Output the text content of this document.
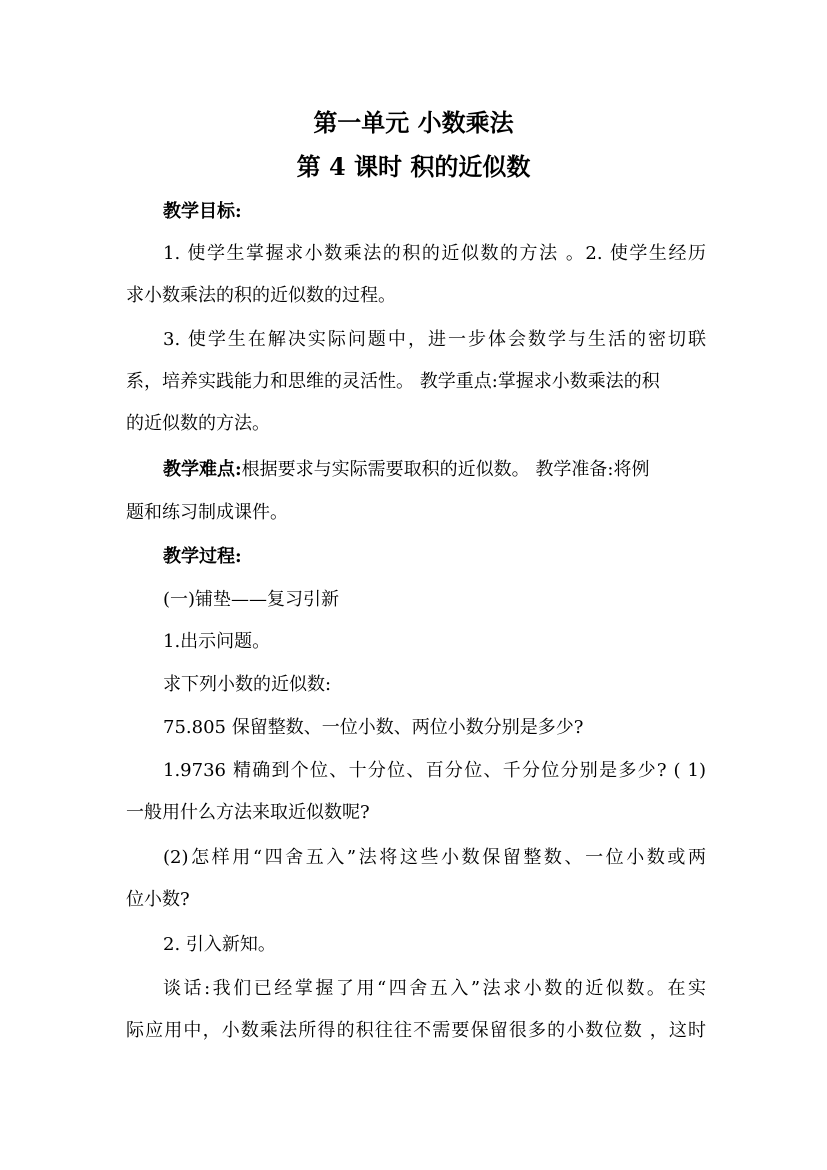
第一单元 小数乘法
第 4 课时 积的近似数
教学目标:
1. 使学生掌握求小数乘法的积的近似数的方法 。2. 使学生经历
求小数乘法的积的近似数的过程。
3. 使学生在解决实际问题中，进一步体会数学与生活的密切联
系，培养实践能力和思维的灵活性。 教学重点:掌握求小数乘法的积
的近似数的方法。
教学难点:根据要求与实际需要取积的近似数。 教学准备:将例
题和练习制成课件。
教学过程:
(一)铺垫——复习引新
1.出示问题。
求下列小数的近似数:
75.805 保留整数、一位小数、两位小数分别是多少?
1.9736 精确到个位、十分位、百分位、千分位分别是多少? ( 1)
一般用什么方法来取近似数呢?
(2)怎样用“四舍五入”法将这些小数保留整数、一位小数或两
位小数?
2. 引入新知。
谈话:我们已经掌握了用“四舍五入”法求小数的近似数。在实
际应用中，小数乘法所得的积往往不需要保留很多的小数位数 ，这时
